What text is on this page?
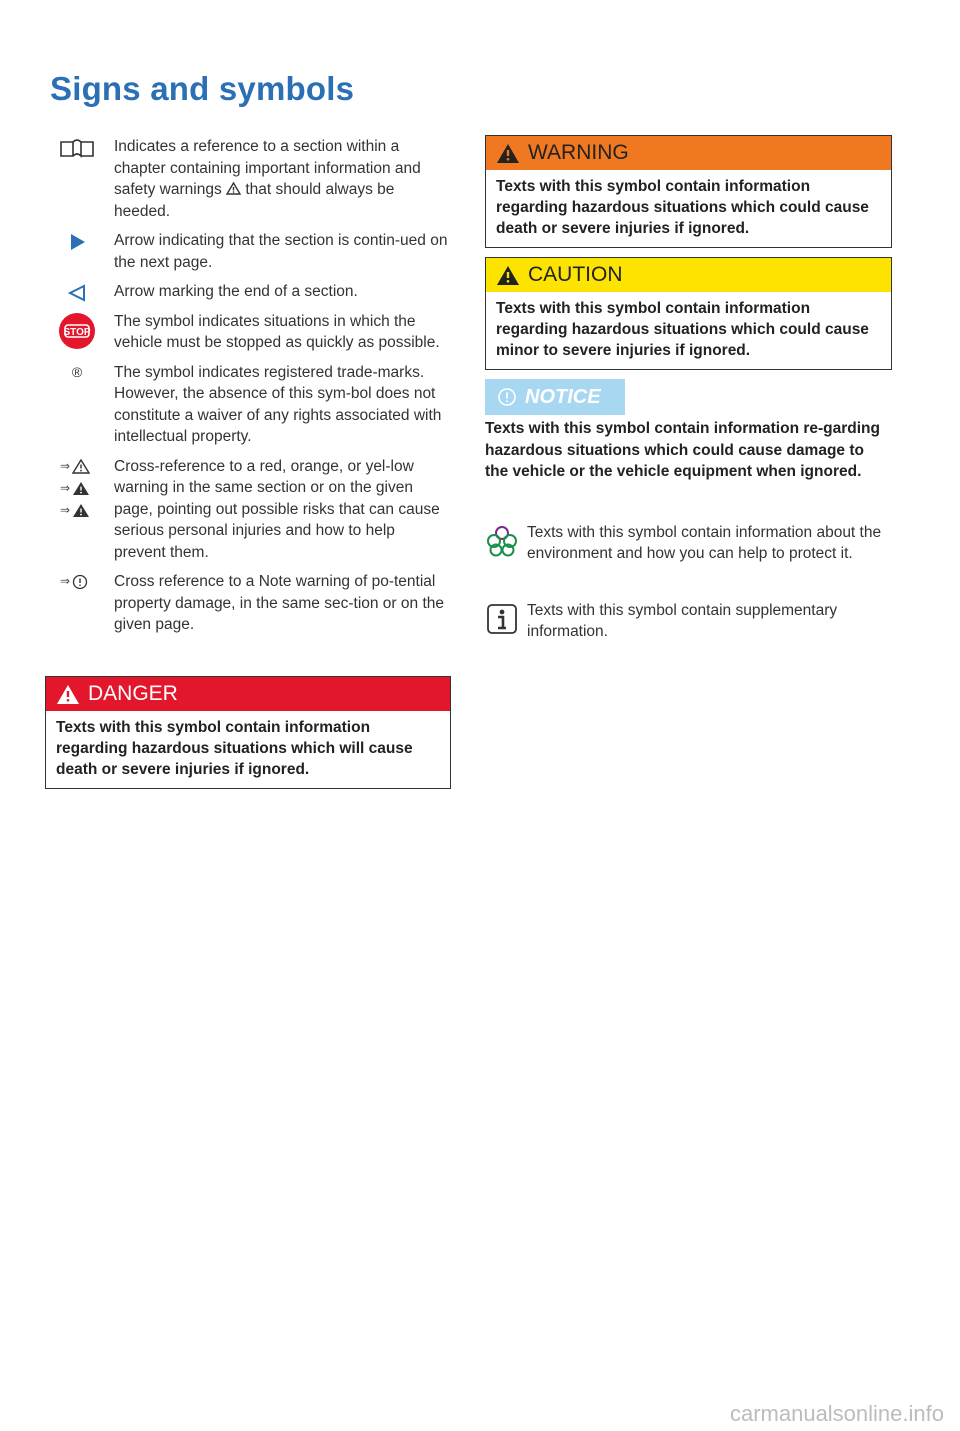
Signs and symbols
Indicates a reference to a section within a chapter containing important information and safety warnings that should always be heeded.
Arrow indicating that the section is contin-ued on the next page.
Arrow marking the end of a section.
STOP
The symbol indicates situations in which the vehicle must be stopped as quickly as possible.
®	The symbol indicates registered trade-marks. However, the absence of this sym-bol does not constitute a waiver of any rights associated with intellectual property.
⇒
⇒
⇒
Cross-reference to a red, orange, or yel-low warning in the same section or on the given page, pointing out possible risks that can cause serious personal injuries and how to help prevent them.
⇒	Cross reference to a Note warning of po-tential property damage, in the same sec-tion or on the given page.
DANGER
Texts with this symbol contain information regarding hazardous situations which will cause death or severe injuries if ignored.
WARNING
Texts with this symbol contain information regarding hazardous situations which could cause death or severe injuries if ignored.
CAUTION
Texts with this symbol contain information regarding hazardous situations which could cause minor to severe injuries if ignored.
NOTICE
Texts with this symbol contain information re-garding hazardous situations which could cause damage to the vehicle or the vehicle equipment when ignored.
Texts with this symbol contain information about the environment and how you can help to protect it.
Texts with this symbol contain supplementary information.
carmanualsonline.info
